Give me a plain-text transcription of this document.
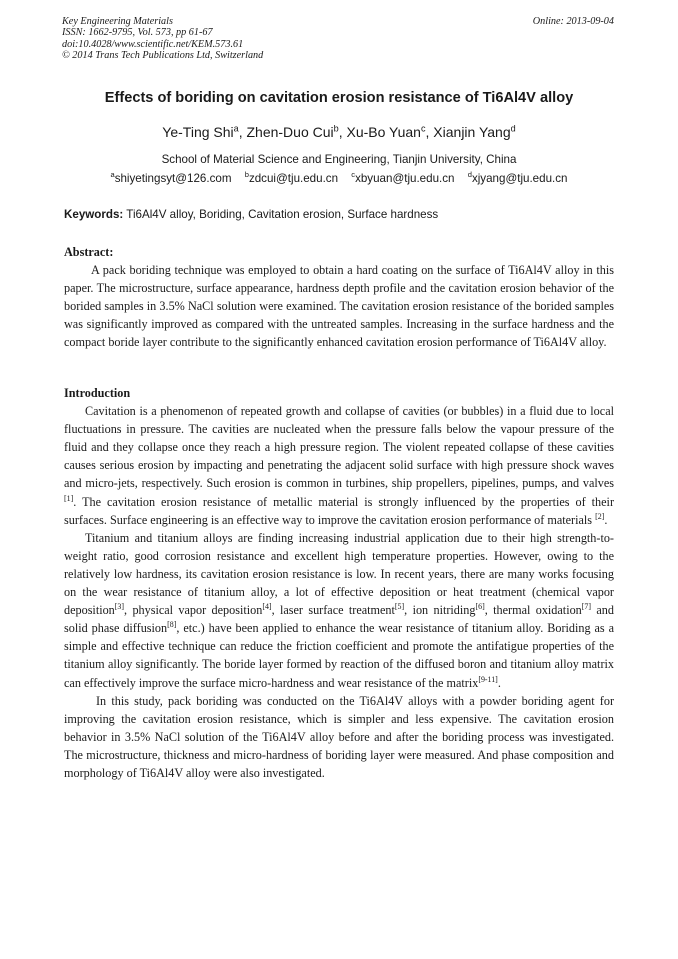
Key Engineering Materials
ISSN: 1662-9795, Vol. 573, pp 61-67
doi:10.4028/www.scientific.net/KEM.573.61
© 2014 Trans Tech Publications Ltd, Switzerland
Online: 2013-09-04
Effects of boriding on cavitation erosion resistance of Ti6Al4V alloy
Ye-Ting Shi$^a$, Zhen-Duo Cui$^b$, Xu-Bo Yuan$^c$, Xianjin Yang$^d$
School of Material Science and Engineering, Tianjin University, China
$^a$shiyetingsyt@126.com $^b$zdcui@tju.edu.cn $^c$xbyuan@tju.edu.cn $^d$xjyang@tju.edu.cn
Keywords: Ti6Al4V alloy, Boriding, Cavitation erosion, Surface hardness
Abstract:

A pack boriding technique was employed to obtain a hard coating on the surface of Ti6Al4V alloy in this paper. The microstructure, surface appearance, hardness depth profile and the cavitation erosion behavior of the borided samples in 3.5% NaCl solution were examined. The cavitation erosion resistance of the borided samples was significantly improved as compared with the untreated samples. Increasing in the surface hardness and the compact boride layer contribute to the significantly enhanced cavitation erosion performance of Ti6Al4V alloy.

Introduction

Cavitation is a phenomenon of repeated growth and collapse of cavities (or bubbles) in a fluid due to local fluctuations in pressure. The cavities are nucleated when the pressure falls below the vapour pressure of the fluid and they collapse once they reach a high pressure region. The violent repeated collapse of these cavities causes serious erosion by impacting and penetrating the adjacent solid surface with high pressure shock waves and micro-jets, respectively. Such erosion is common in turbines, ship propellers, pipelines, pumps, and valves [1]. The cavitation erosion resistance of metallic material is strongly influenced by the properties of their surfaces. Surface engineering is an effective way to improve the cavitation erosion performance of materials [2].

Titanium and titanium alloys are finding increasing industrial application due to their high strength-to-weight ratio, good corrosion resistance and excellent high temperature properties. However, owing to the relatively low hardness, its cavitation erosion resistance is low. In recent years, there are many works focusing on the wear resistance of titanium alloy, a lot of effective deposition or heat treatment (chemical vapor deposition[3], physical vapor deposition[4], laser surface treatment[5], ion nitriding[6], thermal oxidation[7] and solid phase diffusion[8], etc.) have been applied to enhance the wear resistance of titanium alloy. Boriding as a simple and effective technique can reduce the friction coefficient and promote the antifatigue properties of the titanium alloy significantly. The boride layer formed by reaction of the diffused boron and titanium alloy matrix can effectively improve the surface micro-hardness and wear resistance of the matrix[9-11].

In this study, pack boriding was conducted on the Ti6Al4V alloys with a powder boriding agent for improving the cavitation erosion resistance, which is simpler and less expensive. The cavitation erosion behavior in 3.5% NaCl solution of the Ti6Al4V alloy before and after the boriding process was investigated. The microstructure, thickness and micro-hardness of boriding layer were measured. And phase composition and morphology of Ti6Al4V alloy were also investigated.
